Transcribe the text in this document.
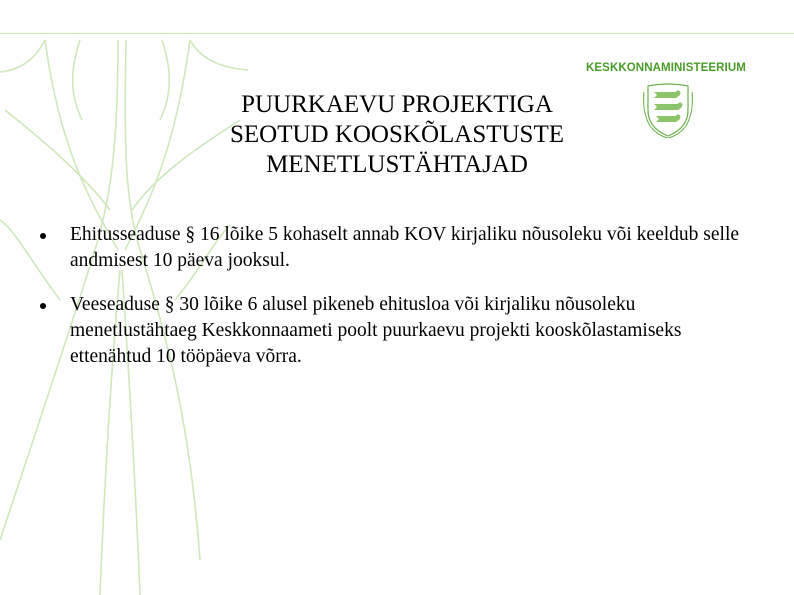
PUURKAEVU PROJEKTIGA
SEOTUD KOOSKÕLASTUSTE
MENETLUSTÄHTAJAD
KESKKONNAMINISTEERIUM
Ehitusseaduse § 16 lõike 5 kohaselt annab KOV kirjaliku nõusoleku või keeldub selle andmisest 10 päeva jooksul.
Veeseaduse § 30 lõike 6 alusel pikeneb ehitusloa või kirjaliku nõusoleku menetlustähtaeg Keskkonnaameti poolt puurkaevu projekti kooskõlastamiseks ettenähtud 10 tööpäeva võrra.
